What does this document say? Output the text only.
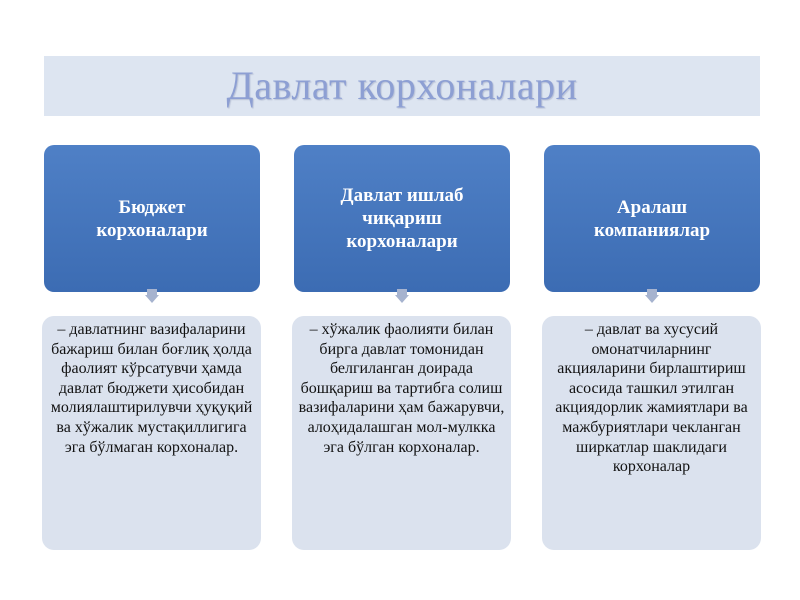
Давлат корхоналари
Бюджет корхоналари
Давлат ишлаб чиқариш корхоналари
Аралаш компаниялар
– давлатнинг вазифаларини бажариш билан боғлиқ ҳолда фаолият кўрсатувчи ҳамда давлат бюджети ҳисобидан молиялаштирилувчи ҳуқуқий ва хўжалик мустақиллигига эга бўлмаган корхоналар.
– хўжалик фаолияти билан бирга давлат томонидан белгиланган доирада бошқариш ва тартибга солиш вазифаларини ҳам бажарувчи, алоҳидалашган мол-мулкка эга бўлган корхоналар.
– давлат ва хусусий омонатчиларнинг акцияларини бирлаштириш асосида ташкил этилган акциядорлик жамиятлари ва мажбуриятлари чекланган ширкатлар шаклидаги корхоналар
